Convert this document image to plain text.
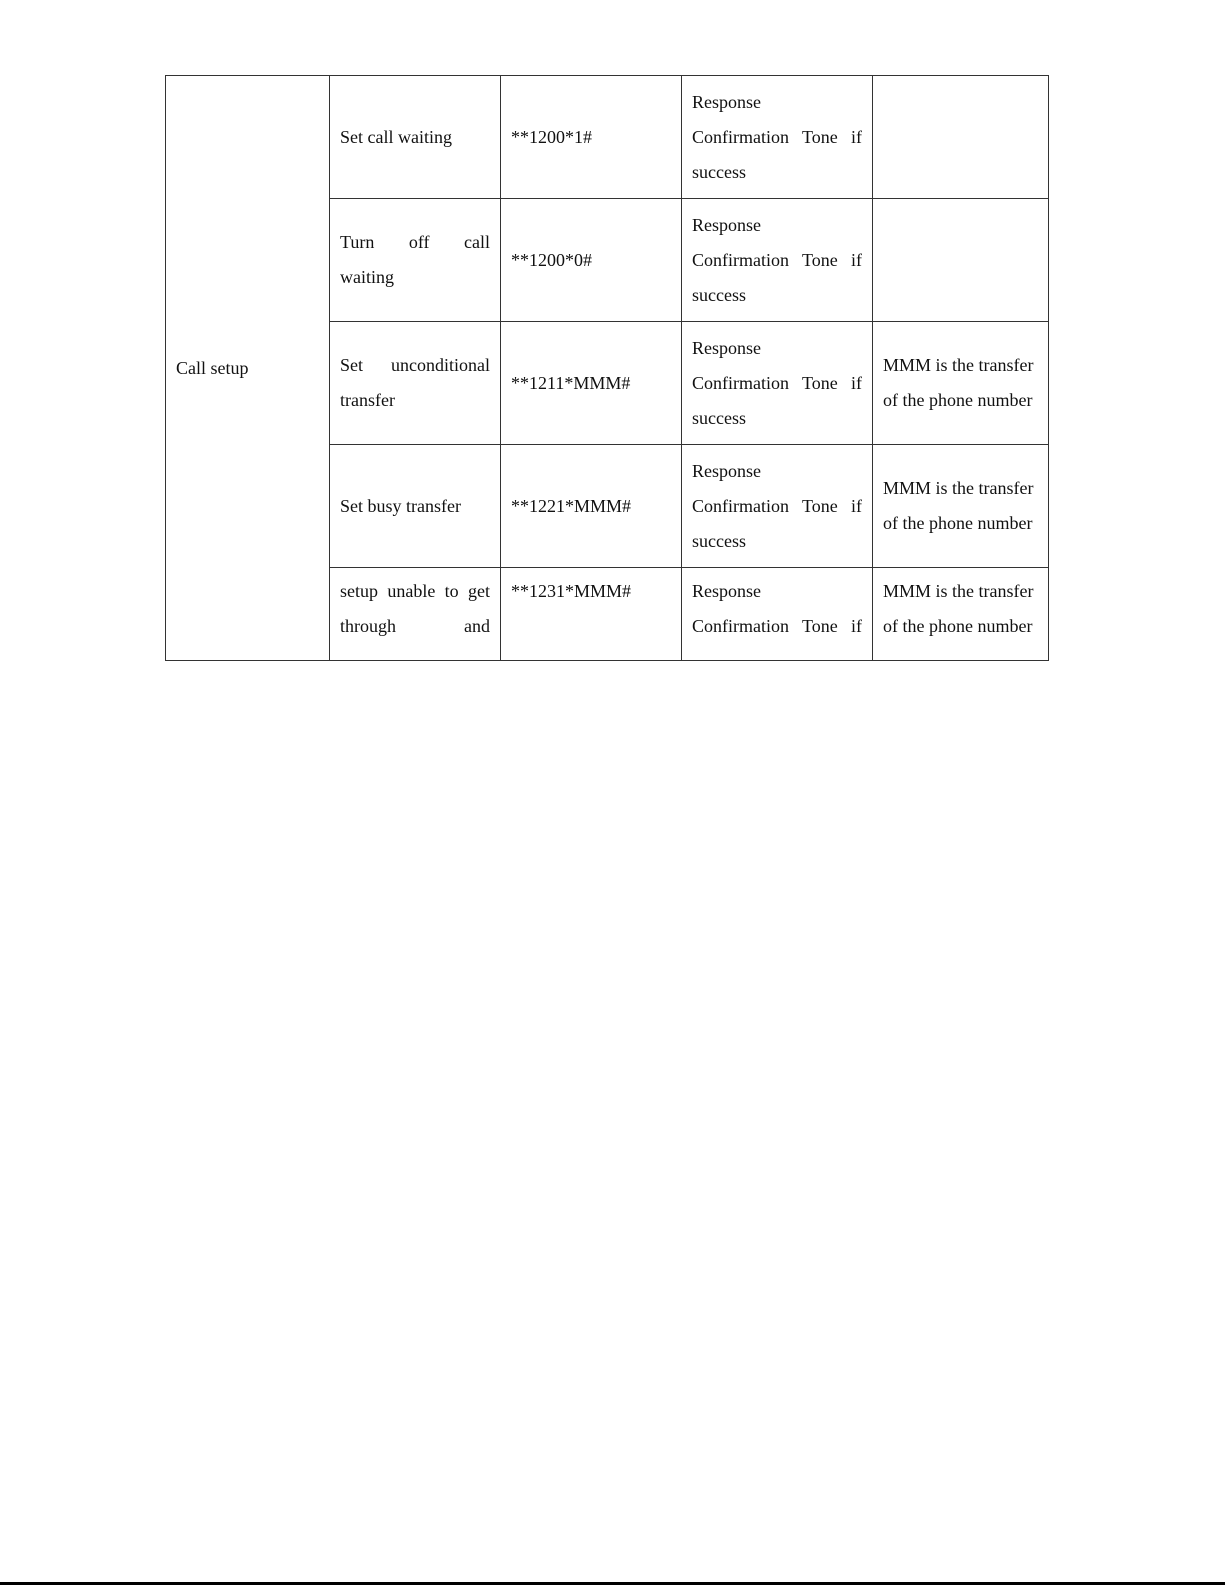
Call setup	Set call waiting	**1200*1#	Response
Confirmation Tone if
success	

	Turn off call
waiting	**1200*0#	Response
Confirmation Tone if
success	

	Set unconditional
transfer	**1211*MMM#	Response
Confirmation Tone if
success	MMM is the transfer
of the phone number

	Set busy transfer	**1221*MMM#	Response
Confirmation Tone if
success	MMM is the transfer
of the phone number

	setup unable to get
through and	**1231*MMM#	Response
Confirmation Tone if	MMM is the transfer
of the phone number
